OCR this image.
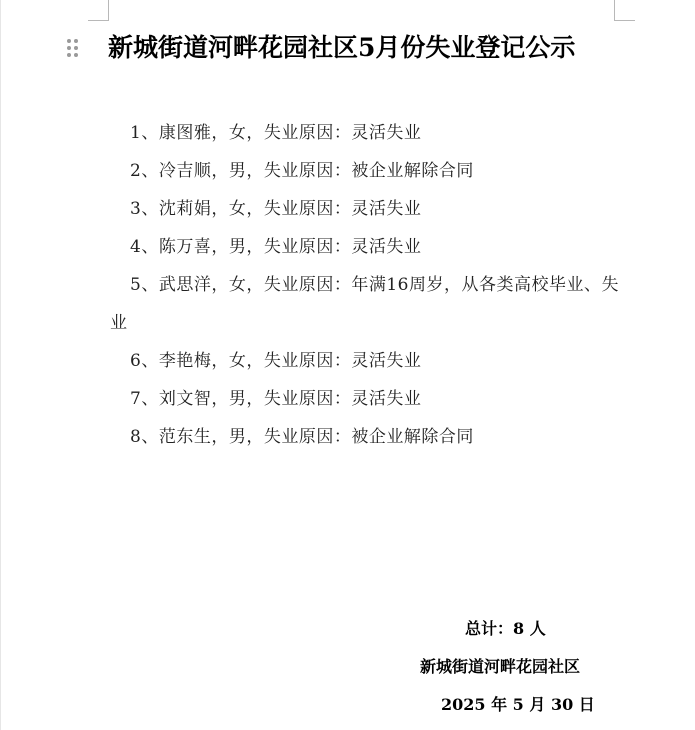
新城街道河畔花园社区5月份失业登记公示
1、康图雅，女，失业原因：灵活失业
2、冷吉顺，男，失业原因：被企业解除合同
3、沈莉娟，女，失业原因：灵活失业
4、陈万喜，男，失业原因：灵活失业
5、武思洋，女，失业原因：年满16周岁，从各类高校毕业、失业
6、李艳梅，女，失业原因：灵活失业
7、刘文智，男，失业原因：灵活失业
8、范东生，男，失业原因：被企业解除合同
总计：8 人
新城街道河畔花园社区
2025 年 5 月 30 日
